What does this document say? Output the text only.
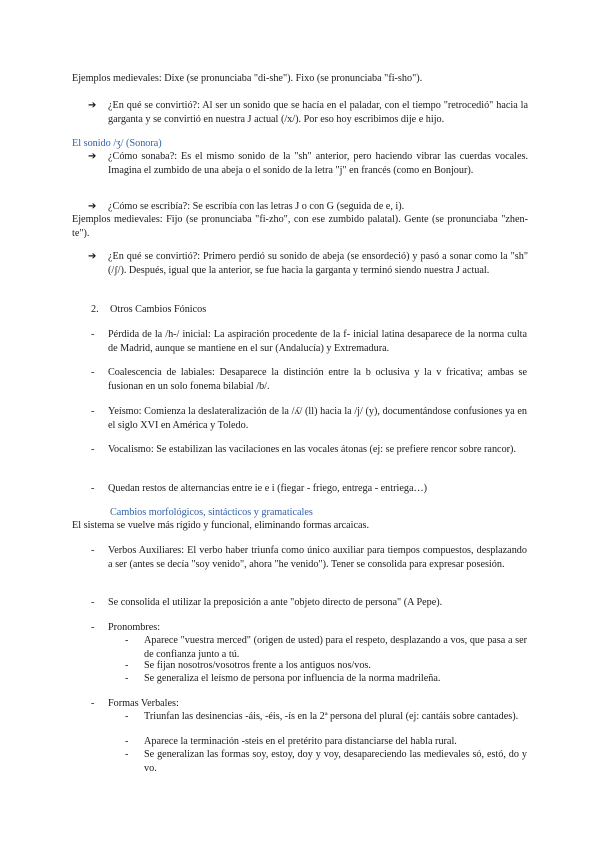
Ejemplos medievales: Dixe (se pronunciaba "di-she"). Fixo (se pronunciaba "fi-sho").
➔	¿En qué se convirtió?: Al ser un sonido que se hacía en el paladar, con el tiempo "retrocedió" hacia la garganta y se convirtió en nuestra J actual (/x/). Por eso hoy escribimos dije e hijo.
El sonido /ʒ/ (Sonora)
➔	¿Cómo sonaba?: Es el mismo sonido de la "sh" anterior, pero haciendo vibrar las cuerdas vocales. Imagina el zumbido de una abeja o el sonido de la letra "j" en francés (como en Bonjour).
➔	¿Cómo se escribía?: Se escribía con las letras J o con G (seguida de e, i).
Ejemplos medievales: Fijo (se pronunciaba "fi-zho", con ese zumbido palatal). Gente (se pronunciaba "zhen-te").
➔	¿En qué se convirtió?: Primero perdió su sonido de abeja (se ensordeció) y pasó a sonar como la "sh" (/ʃ/). Después, igual que la anterior, se fue hacia la garganta y terminó siendo nuestra J actual.
2. Otros Cambios Fónicos
- Pérdida de la /h-/ inicial: La aspiración procedente de la f- inicial latina desaparece de la norma culta de Madrid, aunque se mantiene en el sur (Andalucía) y Extremadura.
- Coalescencia de labiales: Desaparece la distinción entre la b oclusiva y la v fricativa; ambas se fusionan en un solo fonema bilabial /b/.
- Yeísmo: Comienza la deslateralización de la /ʎ/ (ll) hacia la /j/ (y), documentándose confusiones ya en el siglo XVI en América y Toledo.
- Vocalismo: Se estabilizan las vacilaciones en las vocales átonas (ej: se prefiere rencor sobre rancor).
- Quedan restos de alternancias entre ie e i (fiegar - friego, entrega - entriega…)
Cambios morfológicos, sintácticos y gramaticales
El sistema se vuelve más rígido y funcional, eliminando formas arcaicas.
- Verbos Auxiliares: El verbo haber triunfa como único auxiliar para tiempos compuestos, desplazando a ser (antes se decía "soy venido", ahora "he venido"). Tener se consolida para expresar posesión.
- Se consolida el utilizar la preposición a ante "objeto directo de persona" (A Pepe).
- Pronombres:
- Aparece "vuestra merced" (origen de usted) para el respeto, desplazando a vos, que pasa a ser de confianza junto a tú.
- Se fijan nosotros/vosotros frente a los antiguos nos/vos.
- Se generaliza el leísmo de persona por influencia de la norma madrileña.
- Formas Verbales:
- Triunfan las desinencias -áis, -éis, -ís en la 2ª persona del plural (ej: cantáis sobre cantades).
- Aparece la terminación -steis en el pretérito para distanciarse del habla rural.
- Se generalizan las formas soy, estoy, doy y voy, desapareciendo las medievales só, estó, do y vo.
